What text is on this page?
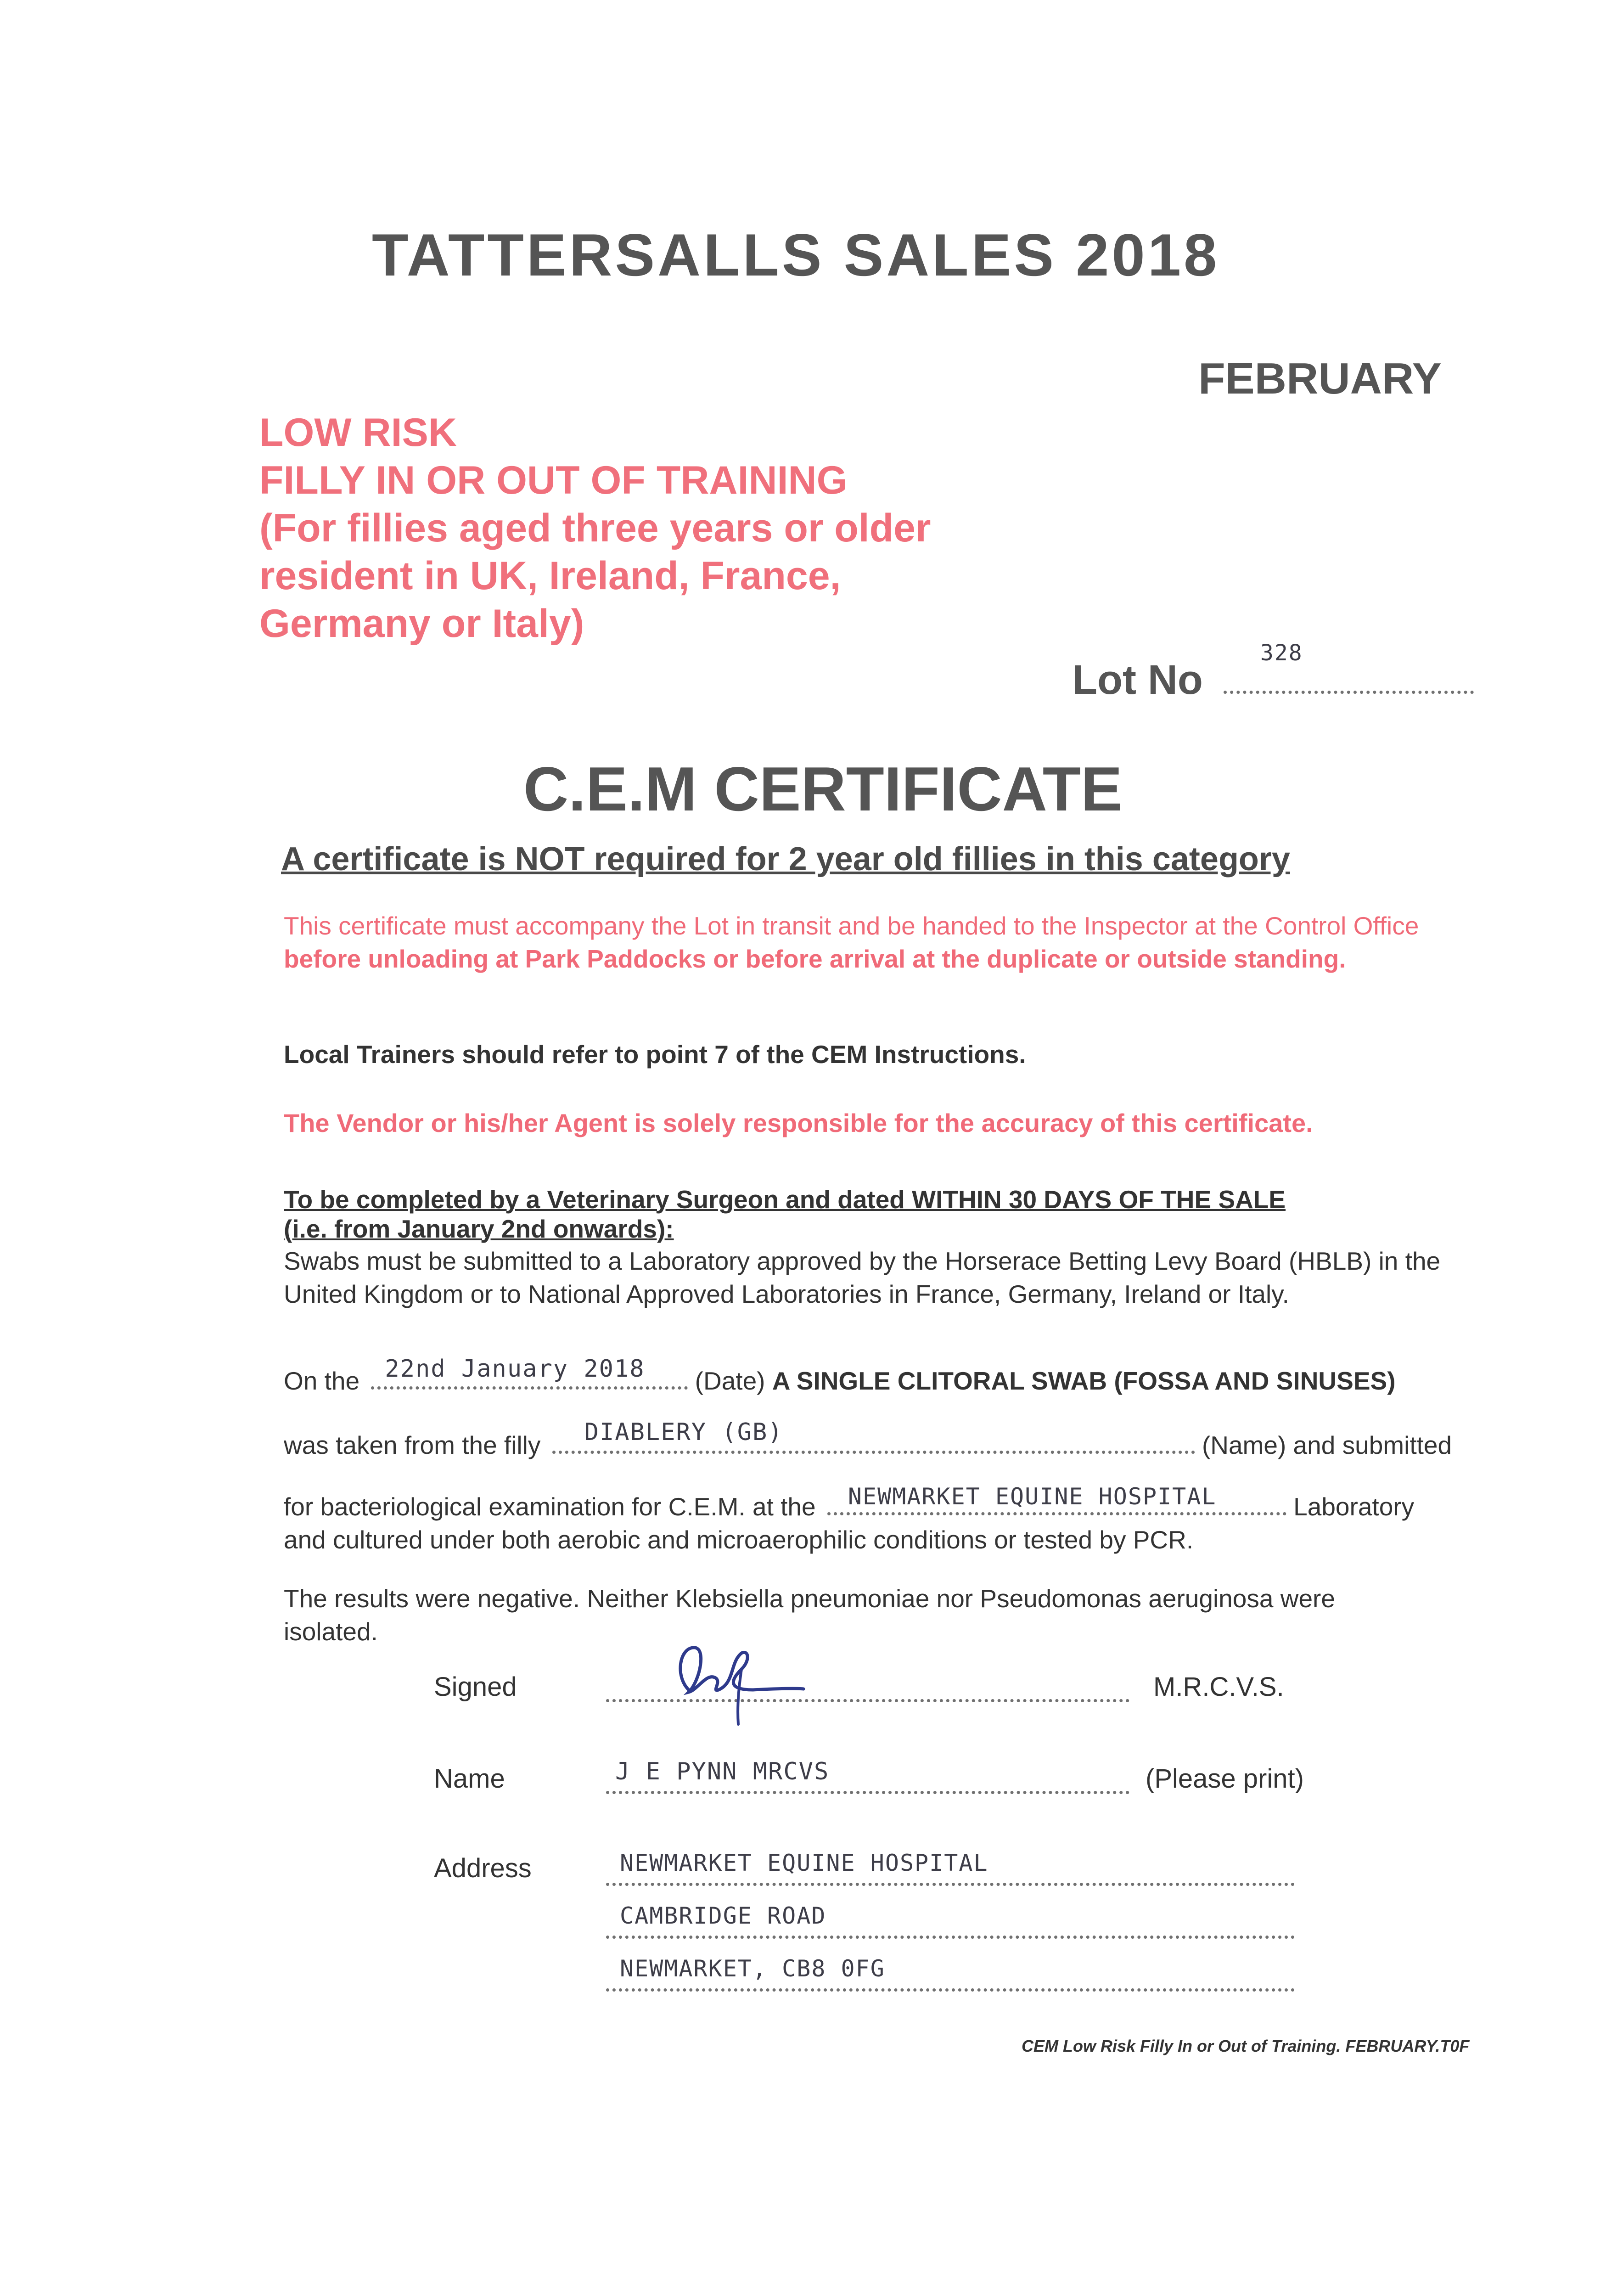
TATTERSALLS SALES 2018
FEBRUARY
LOW RISK
FILLY IN OR OUT OF TRAINING
(For fillies aged three years or older
resident in UK, Ireland, France,
Germany or Italy)
Lot No
328
C.E.M CERTIFICATE
A certificate is NOT required for 2 year old fillies in this category
This certificate must accompany the Lot in transit and be handed to the Inspector at the Control Office before unloading at Park Paddocks or before arrival at the duplicate or outside standing.
Local Trainers should refer to point 7 of the CEM Instructions.
The Vendor or his/her Agent is solely responsible for the accuracy of this certificate.
To be completed by a Veterinary Surgeon and dated WITHIN 30 DAYS OF THE SALE
(i.e. from January 2nd onwards):
Swabs must be submitted to a Laboratory approved by the Horserace Betting Levy Board (HBLB) in the United Kingdom or to National Approved Laboratories in France, Germany, Ireland or Italy.
On the 22nd January 2018 (Date) A SINGLE CLITORAL SWAB (FOSSA AND SINUSES)
was taken from the filly DIABLERY (GB)	(Name) and submitted
for bacteriological examination for C.E.M. at the NEWMARKET EQUINE HOSPITAL	Laboratory
and cultured under both aerobic and microaerophilic conditions or tested by PCR.
The results were negative. Neither Klebsiella pneumoniae nor Pseudomonas aeruginosa were isolated.
Signed	M.R.C.V.S.
Name	J E PYNN MRCVS	(Please print)
Address	NEWMARKET EQUINE HOSPITAL
CAMBRIDGE ROAD
NEWMARKET, CB8 0FG
CEM Low Risk Filly In or Out of Training. FEBRUARY.T0F
